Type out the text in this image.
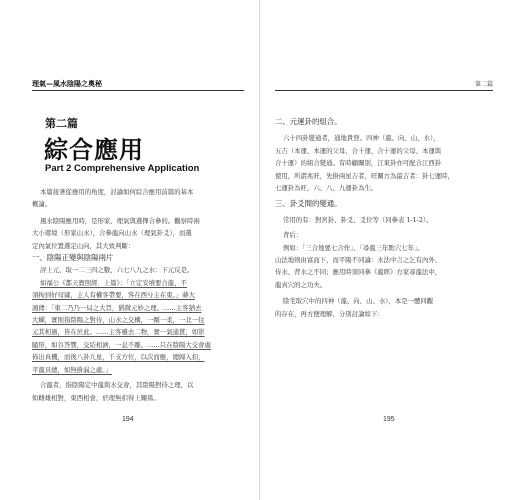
理氣—風水陰陽之奧秘
第二篇
綜合應用
Part 2 Comprehensive Application

本篇接著從應用的角度，討論如何綜合應用前篇的基本

概論。

風水陰陽應用時，是形家、理氣與選擇合參的。觀察時兩

大小環境（形家山水），合參龍向山水（理氣卦爻），而選

定內氣位置選定山向，其大致判斷：

一、陰陽正變與陰陽兩片

評上元、取一二三四之數，六七八九之水：下元反是。

如福公《都天寶照經．上篇》：「立定安墳要合龍，不

須拘到好穹窿，主人有權客帶要，客在西兮主在東。」蔣大

鴻傳：「東二乃乃一局之大旨，猶微元妙之理。……主客猶去

大蟬，實則指陰陽之對待，山水之交構，一剛一柔，一北一往

元其相過，皆在於此。……主客雖去二物，實一氣通貫，如影

隨形，如谷答響，交結相濟，一息不離。……只在陰陽大交會處

佈出真機，而後八卦九星，千支方位，以次而應，總歸入扣，

平龍具總，如無掛漏之處。」

合龍者，指陰陽定中龍與水交會，其陰陽對待之理，以

如雌雄相對，東西相會，於理無扣得上關係。

194
第二篇

二、元運卦的組合。

六十四卦變通者，通地貴登。四神（龍、向、山、水），

五吉（本運、本運的父母、合十運、合十運的父母、本運與

合十運）的組合變通。有時顧關別，江東卦亦可配合江西卦

使用，所謂兆旺，先掛兩星吉者，旺關方為最吉者：卦七運時，

七運卦為旺，六、八、九運卦為生。

三、卦爻間的變通。

常用的有：對宮卦、卦爻、爻位等（同參表 1-1-2）。

背后：

例如：「三合地要七合作」、「尋龍三年點穴七年」。

山法地則由富而下，而平陽不同論：水法中言之乞有內外、

侍水、背水之不同；應用時須同參《龍經》方家尋龍法中，

龍真穴的之功夫。

陰宅取穴中的四神（龍、向、山、水），本是一體同觀

的存在，再方便理解，分別討論如下：

195
